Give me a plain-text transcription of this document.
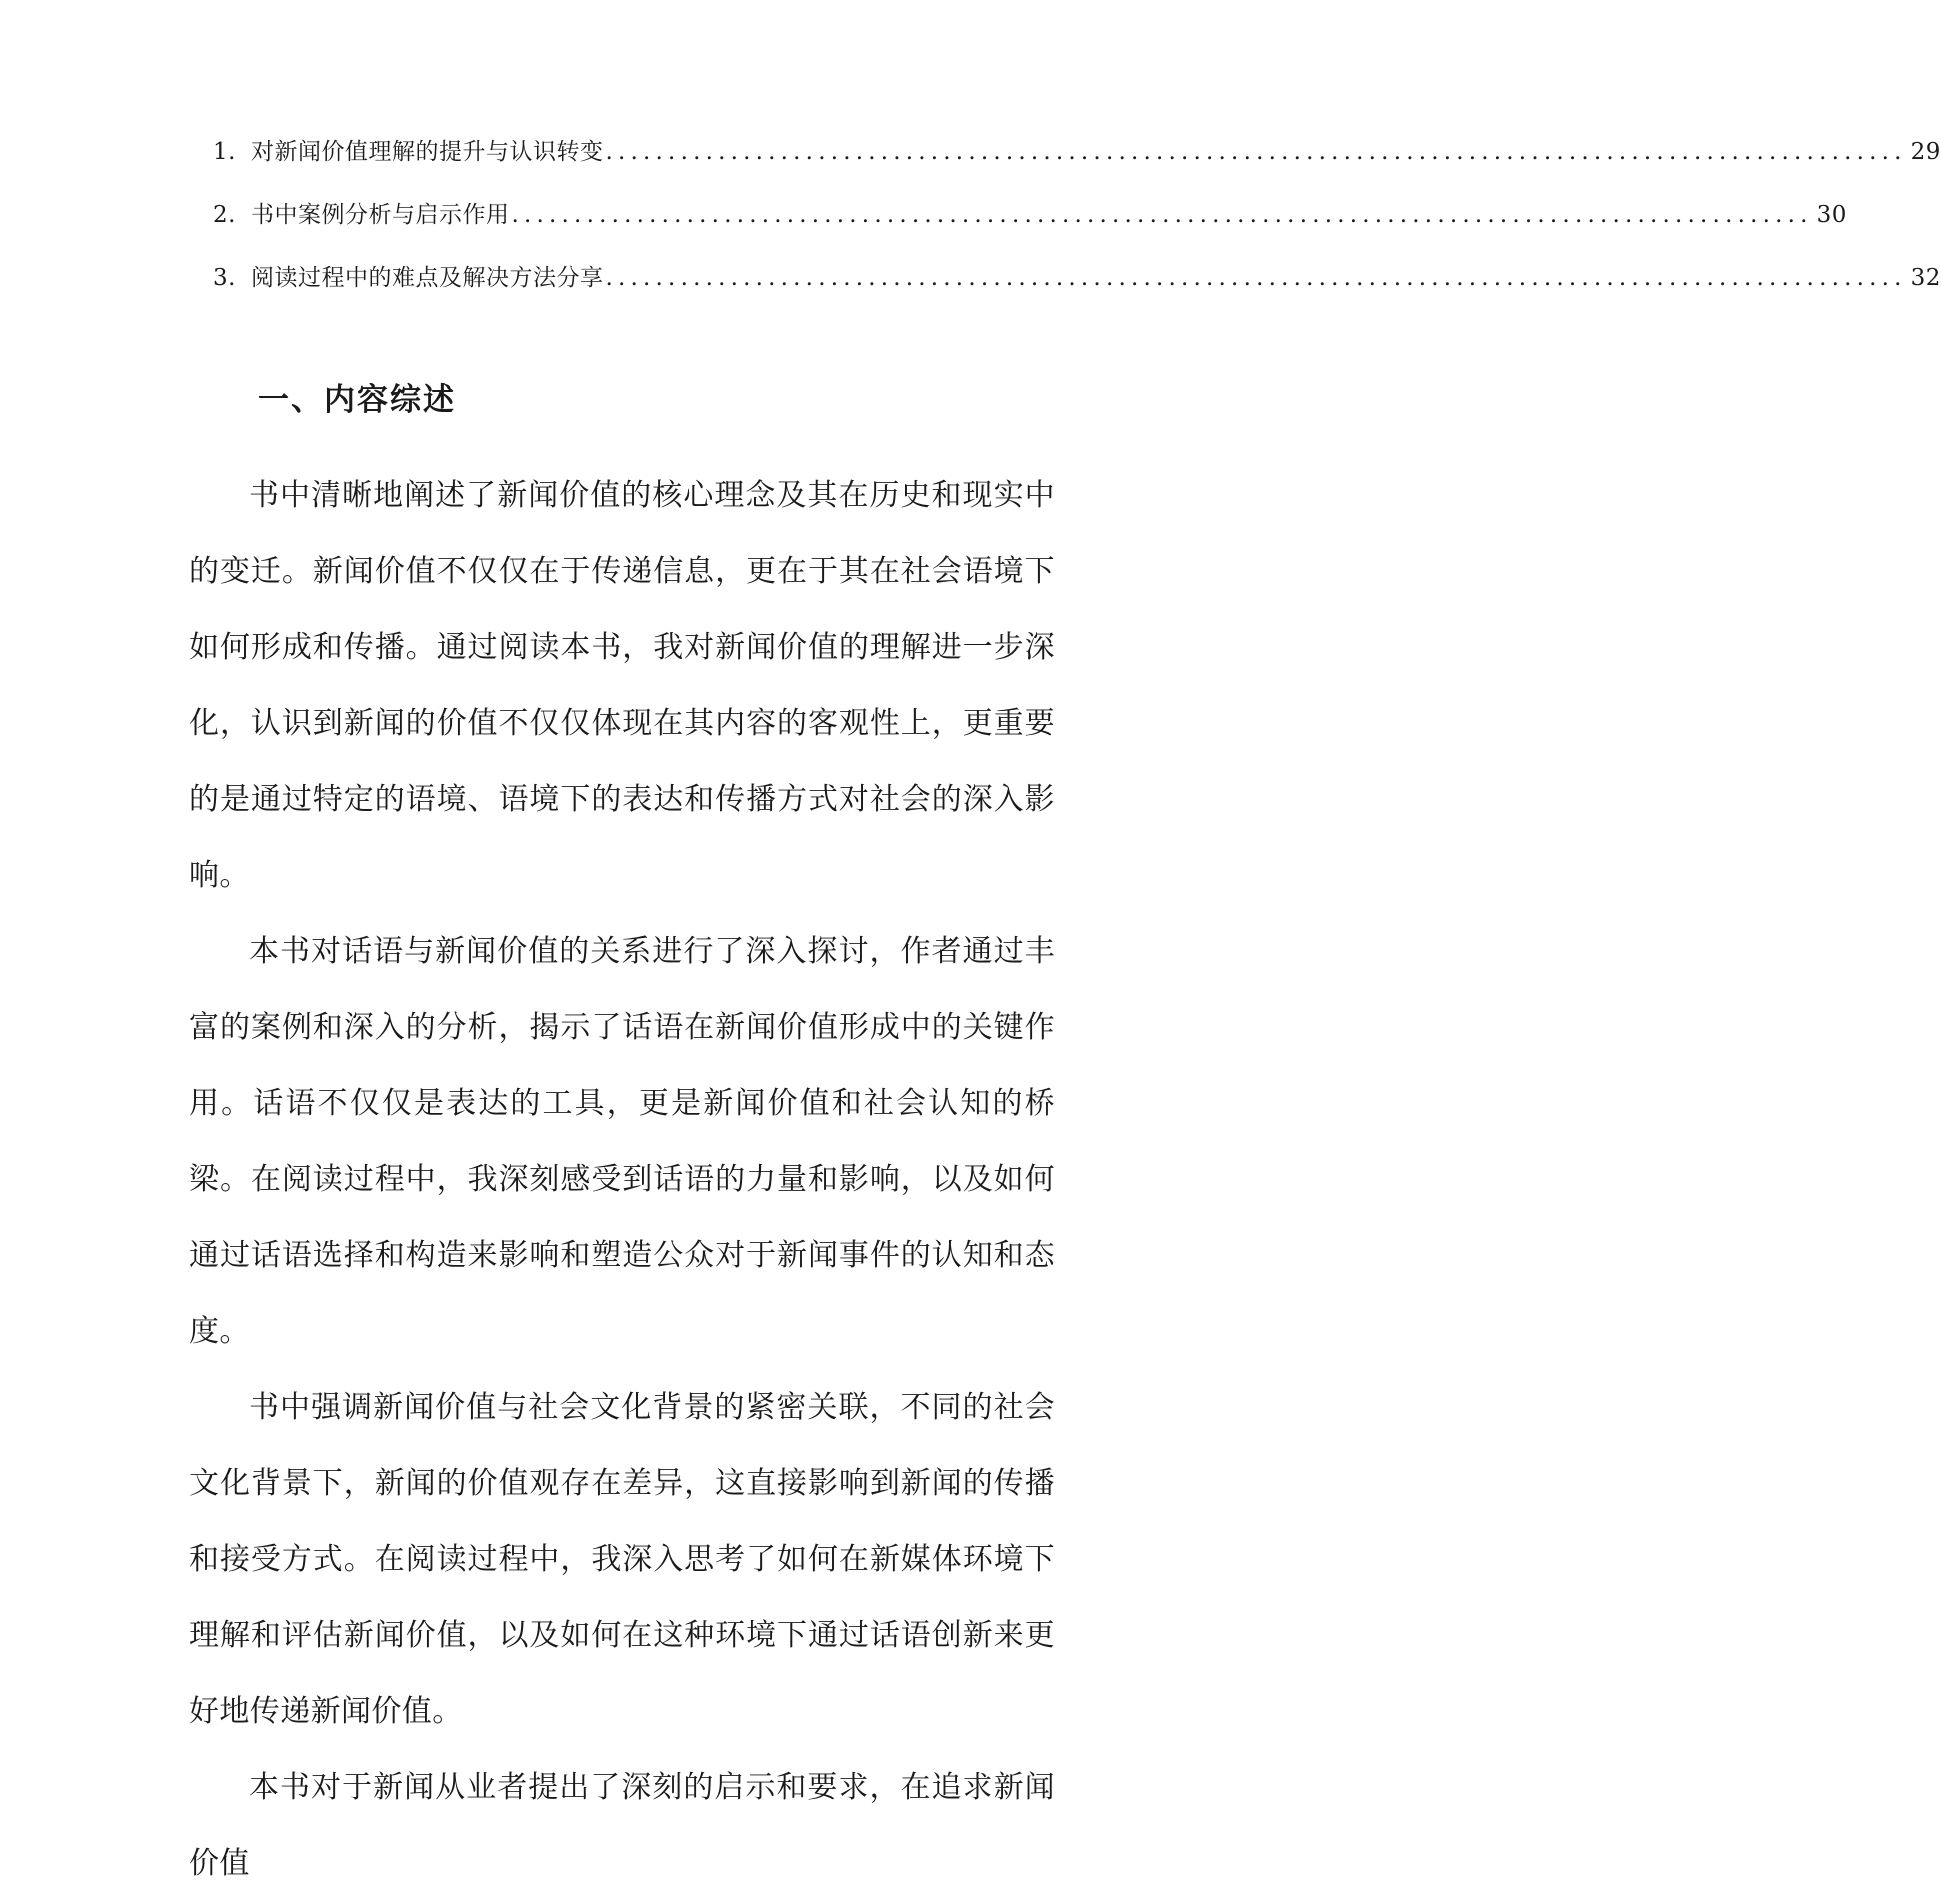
1. 对新闻价值理解的提升与认识转变 ........................................................................................................ 29
2. 书中案例分析与启示作用 ........................................................................................................ 30
3. 阅读过程中的难点及解决方法分享 ........................................................................................................ 32
一、内容综述

书中清晰地阐述了新闻价值的核心理念及其在历史和现实中的变迁。新闻价值不仅仅在于传递信息，更在于其在社会语境下如何形成和传播。通过阅读本书，我对新闻价值的理解进一步深化，认识到新闻的价值不仅仅体现在其内容的客观性上，更重要的是通过特定的语境、语境下的表达和传播方式对社会的深入影响。

本书对话语与新闻价值的关系进行了深入探讨，作者通过丰富的案例和深入的分析，揭示了话语在新闻价值形成中的关键作用。话语不仅仅是表达的工具，更是新闻价值和社会认知的桥梁。在阅读过程中，我深刻感受到话语的力量和影响，以及如何通过话语选择和构造来影响和塑造公众对于新闻事件的认知和态度。

书中强调新闻价值与社会文化背景的紧密关联，不同的社会文化背景下，新闻的价值观存在差异，这直接影响到新闻的传播和接受方式。在阅读过程中，我深入思考了如何在新媒体环境下理解和评估新闻价值，以及如何在这种环境下通过话语创新来更好地传递新闻价值。

本书对于新闻从业者提出了深刻的启示和要求，在追求新闻价值
